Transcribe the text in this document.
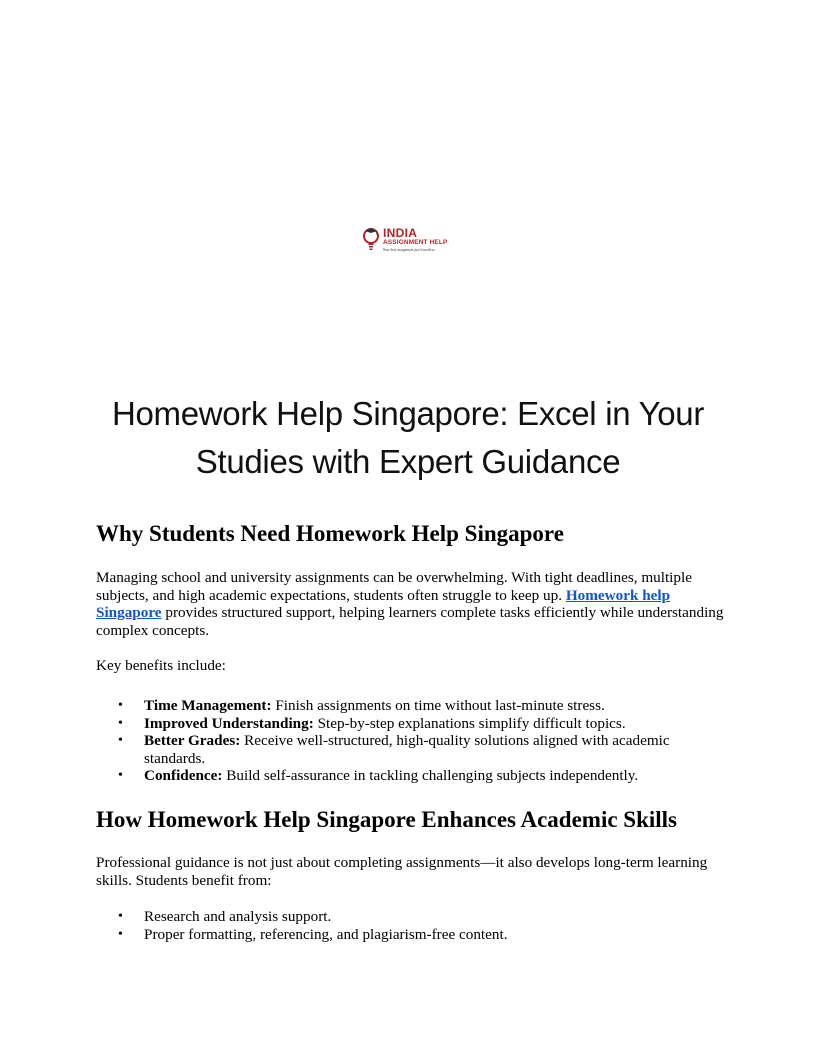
INDIA
ASSIGNMENT HELP
Your best assignment just lean there.
Homework Help Singapore: Excel in Your Studies with Expert Guidance
Why Students Need Homework Help Singapore

Managing school and university assignments can be overwhelming. With tight deadlines, multiple subjects, and high academic expectations, students often struggle to keep up. Homework help Singapore provides structured support, helping learners complete tasks efficiently while understanding complex concepts.

Key benefits include:

• Time Management: Finish assignments on time without last-minute stress.
• Improved Understanding: Step-by-step explanations simplify difficult topics.
• Better Grades: Receive well-structured, high-quality solutions aligned with academic standards.
• Confidence: Build self-assurance in tackling challenging subjects independently.
How Homework Help Singapore Enhances Academic Skills

Professional guidance is not just about completing assignments—it also develops long-term learning skills. Students benefit from:

• Research and analysis support.
• Proper formatting, referencing, and plagiarism-free content.
